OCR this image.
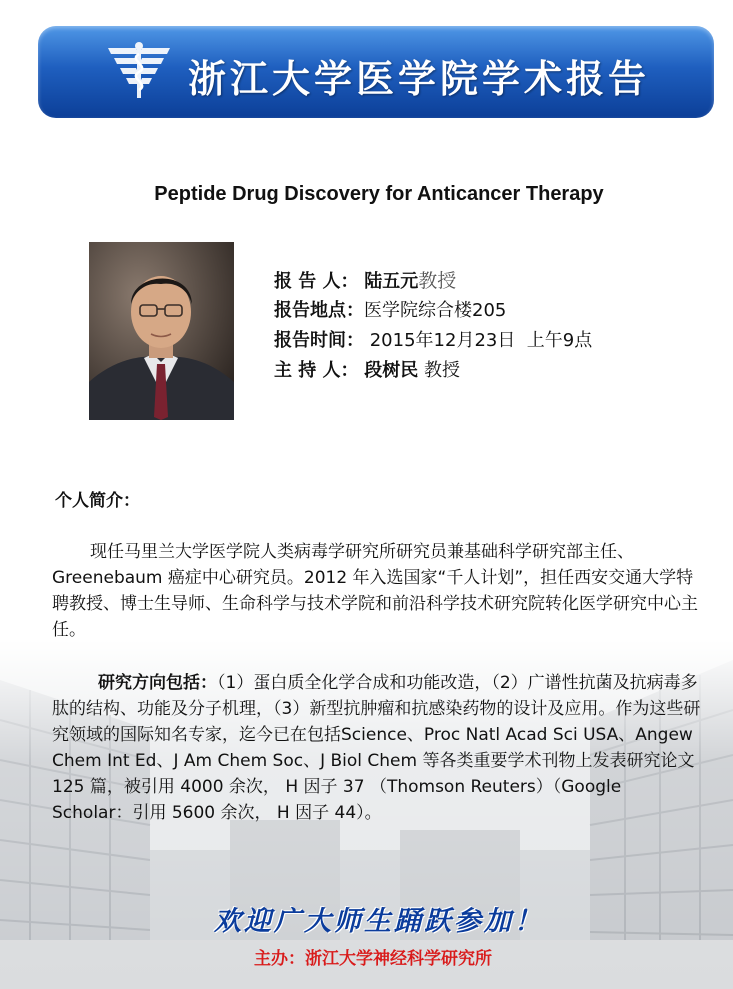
浙江大学医学院学术报告
Peptide Drug Discovery for Anticancer Therapy
报 告 人： 陆五元教授
报告地点：医学院综合楼205
报告时间： 2015年12月23日  上午9点
主 持 人： 段树民 教授
个人简介：
现任马里兰大学医学院人类病毒学研究所研究员兼基础科学研究部主任、Greenebaum 癌症中心研究员。2012 年入选国家“千人计划”，担任西安交通大学特聘教授、博士生导师、生命科学与技术学院和前沿科学技术研究院转化医学研究中心主任。
研究方向包括：（1）蛋白质全化学合成和功能改造，（2）广谱性抗菌及抗病毒多肽的结构、功能及分子机理，（3）新型抗肿瘤和抗感染药物的设计及应用。作为这些研究领域的国际知名专家，迄今已在包括Science、Proc Natl Acad Sci USA、Angew Chem Int Ed、J Am Chem Soc、J Biol Chem 等各类重要学术刊物上发表研究论文 125 篇，被引用 4000 余次， H 因子 37 （Thomson Reuters）（Google Scholar：引用 5600 余次， H 因子 44）。
欢迎广大师生踊跃参加！
主办：浙江大学神经科学研究所
